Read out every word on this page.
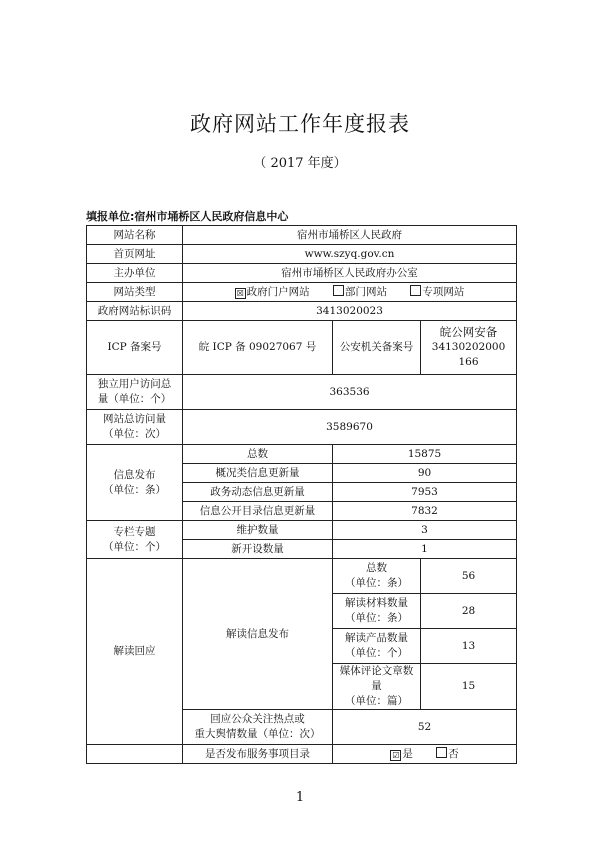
政府网站工作年度报表
（ 2017 年度）
填报单位:宿州市埇桥区人民政府信息中心
网站名称	宿州市埇桥区人民政府		
首页网址	www.szyq.gov.cn		
主办单位	宿州市埇桥区人民政府办公室		
网站类型	☒ 政府门户网站 部门网站 专项网站		
政府网站标识码	3413020023		
ICP 备案号	皖 ICP 备 09027067 号	公安机关备案号	皖公网安备
34130202000
166

独立用户访问总
量（单位：个）	363536		

网站总访问量
（单位：次）	3589670		

信息发布
（单位：条）	总数	15875	
	概况类信息更新量	90	
	政务动态信息更新量	7953	
	信息公开目录信息更新量	7832	

专栏专题
（单位：个）	维护数量	3	
	新开设数量	1	
解读回应	解读信息发布	总数
（单位：条）	56

		解读材料数量
（单位：条）	28

		解读产品数量
（单位：个）	13

		媒体评论文章数量
（单位：篇）	15

	回应公众关注热点或
重大舆情数量（单位：次）	52	
	是否发布服务事项目录	☑ 是 否	
1
